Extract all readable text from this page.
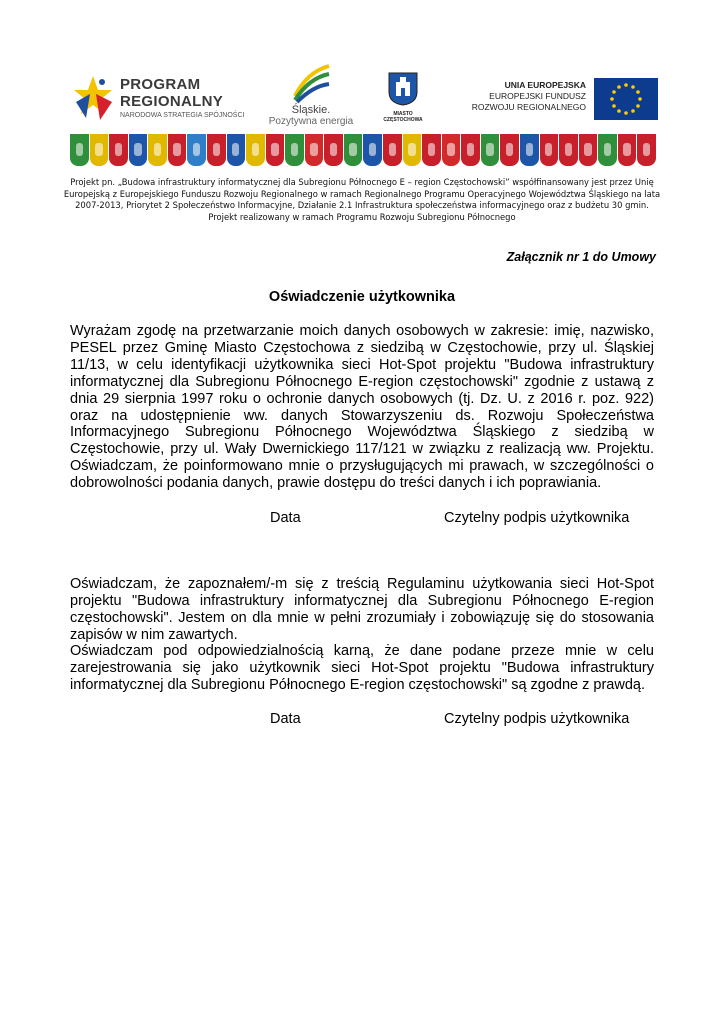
PROGRAM
REGIONALNY
NARODOWA STRATEGIA SPÓJNOŚCI	Śląskie.
Pozytywna energia
MIASTO
CZĘSTOCHOWA
UNIA EUROPEJSKA
EUROPEJSKI FUNDUSZ
ROZWOJU REGIONALNEGO
Projekt pn. „Budowa infrastruktury informatycznej dla Subregionu Północnego E – region Częstochowski” współfinansowany jest przez Unię Europejską z Europejskiego Funduszu Rozwoju Regionalnego w ramach Regionalnego Programu Operacyjnego Województwa Śląskiego na lata 2007-2013, Priorytet 2 Społeczeństwo Informacyjne, Działanie 2.1 Infrastruktura społeczeństwa informacyjnego oraz z budżetu 30 gmin. Projekt realizowany w ramach Programu Rozwoju Subregionu Północnego
Załącznik nr 1 do Umowy
Oświadczenie użytkownika

Wyrażam zgodę na przetwarzanie moich danych osobowych w zakresie: imię, nazwisko, PESEL przez Gminę Miasto Częstochowa z siedzibą w Częstochowie, przy ul. Śląskiej 11/13, w celu identyfikacji użytkownika sieci Hot-Spot projektu "Budowa infrastruktury informatycznej dla Subregionu Północnego E-region częstochowski" zgodnie z ustawą z dnia 29 sierpnia 1997 roku o ochronie danych osobowych (tj. Dz. U. z 2016 r. poz. 922) oraz na udostępnienie ww. danych Stowarzyszeniu ds. Rozwoju Społeczeństwa Informacyjnego Subregionu Północnego Województwa Śląskiego z siedzibą w Częstochowie, przy ul. Wały Dwernickiego 117/121 w związku z realizacją ww. Projektu. Oświadczam, że poinformowano mnie o przysługujących mi prawach, w szczególności o dobrowolności podania danych, prawie dostępu do treści danych i ich poprawiania.

Data	Czytelny podpis użytkownika

Oświadczam, że zapoznałem/-m się z treścią Regulaminu użytkowania sieci Hot-Spot projektu "Budowa infrastruktury informatycznej dla Subregionu Północnego E-region częstochowski". Jestem on dla mnie w pełni zrozumiały i zobowiązuję się do stosowania zapisów w nim zawartych.

Oświadczam pod odpowiedzialnością karną, że dane podane przeze mnie w celu zarejestrowania się jako użytkownik sieci Hot-Spot projektu "Budowa infrastruktury informatycznej dla Subregionu Północnego E-region częstochowski" są zgodne z prawdą.

Data	Czytelny podpis użytkownika
